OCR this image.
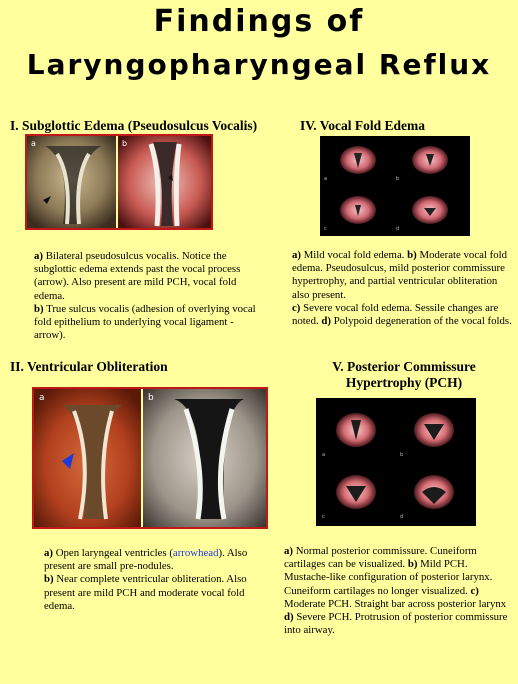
Findings of
Laryngopharyngeal Reflux
I. Subglottic Edema (Pseudosulcus Vocalis)
a	b

a) Bilateral pseudosulcus vocalis. Notice the subglottic edema extends past the vocal process (arrow). Also present are mild PCH, vocal fold edema.

b) True sulcus vocalis (adhesion of overlying vocal fold epithelium to underlying vocal ligament - arrow).

II. Ventricular Obliteration
a	b

a) Open laryngeal ventricles (arrowhead). Also present are small pre-nodules.

b) Near complete ventricular obliteration. Also present are mild PCH and moderate vocal fold edema.

IV. Vocal Fold Edema
a	b
c	d

a) Mild vocal fold edema. b) Moderate vocal fold edema. Pseudosulcus, mild posterior commissure hypertrophy, and partial ventricular obliteration also present.

c) Severe vocal fold edema. Sessile changes are noted. d) Polypoid degeneration of the vocal folds.

V. Posterior Commissure
Hypertrophy (PCH)
a	b
c	d

a) Normal posterior commissure. Cuneiform cartilages can be visualized. b) Mild PCH. Mustache-like configuration of posterior larynx. Cuneiform cartilages no longer visualized. c) Moderate PCH. Straight bar across posterior larynx d) Severe PCH. Protrusion of posterior commissure into airway.
